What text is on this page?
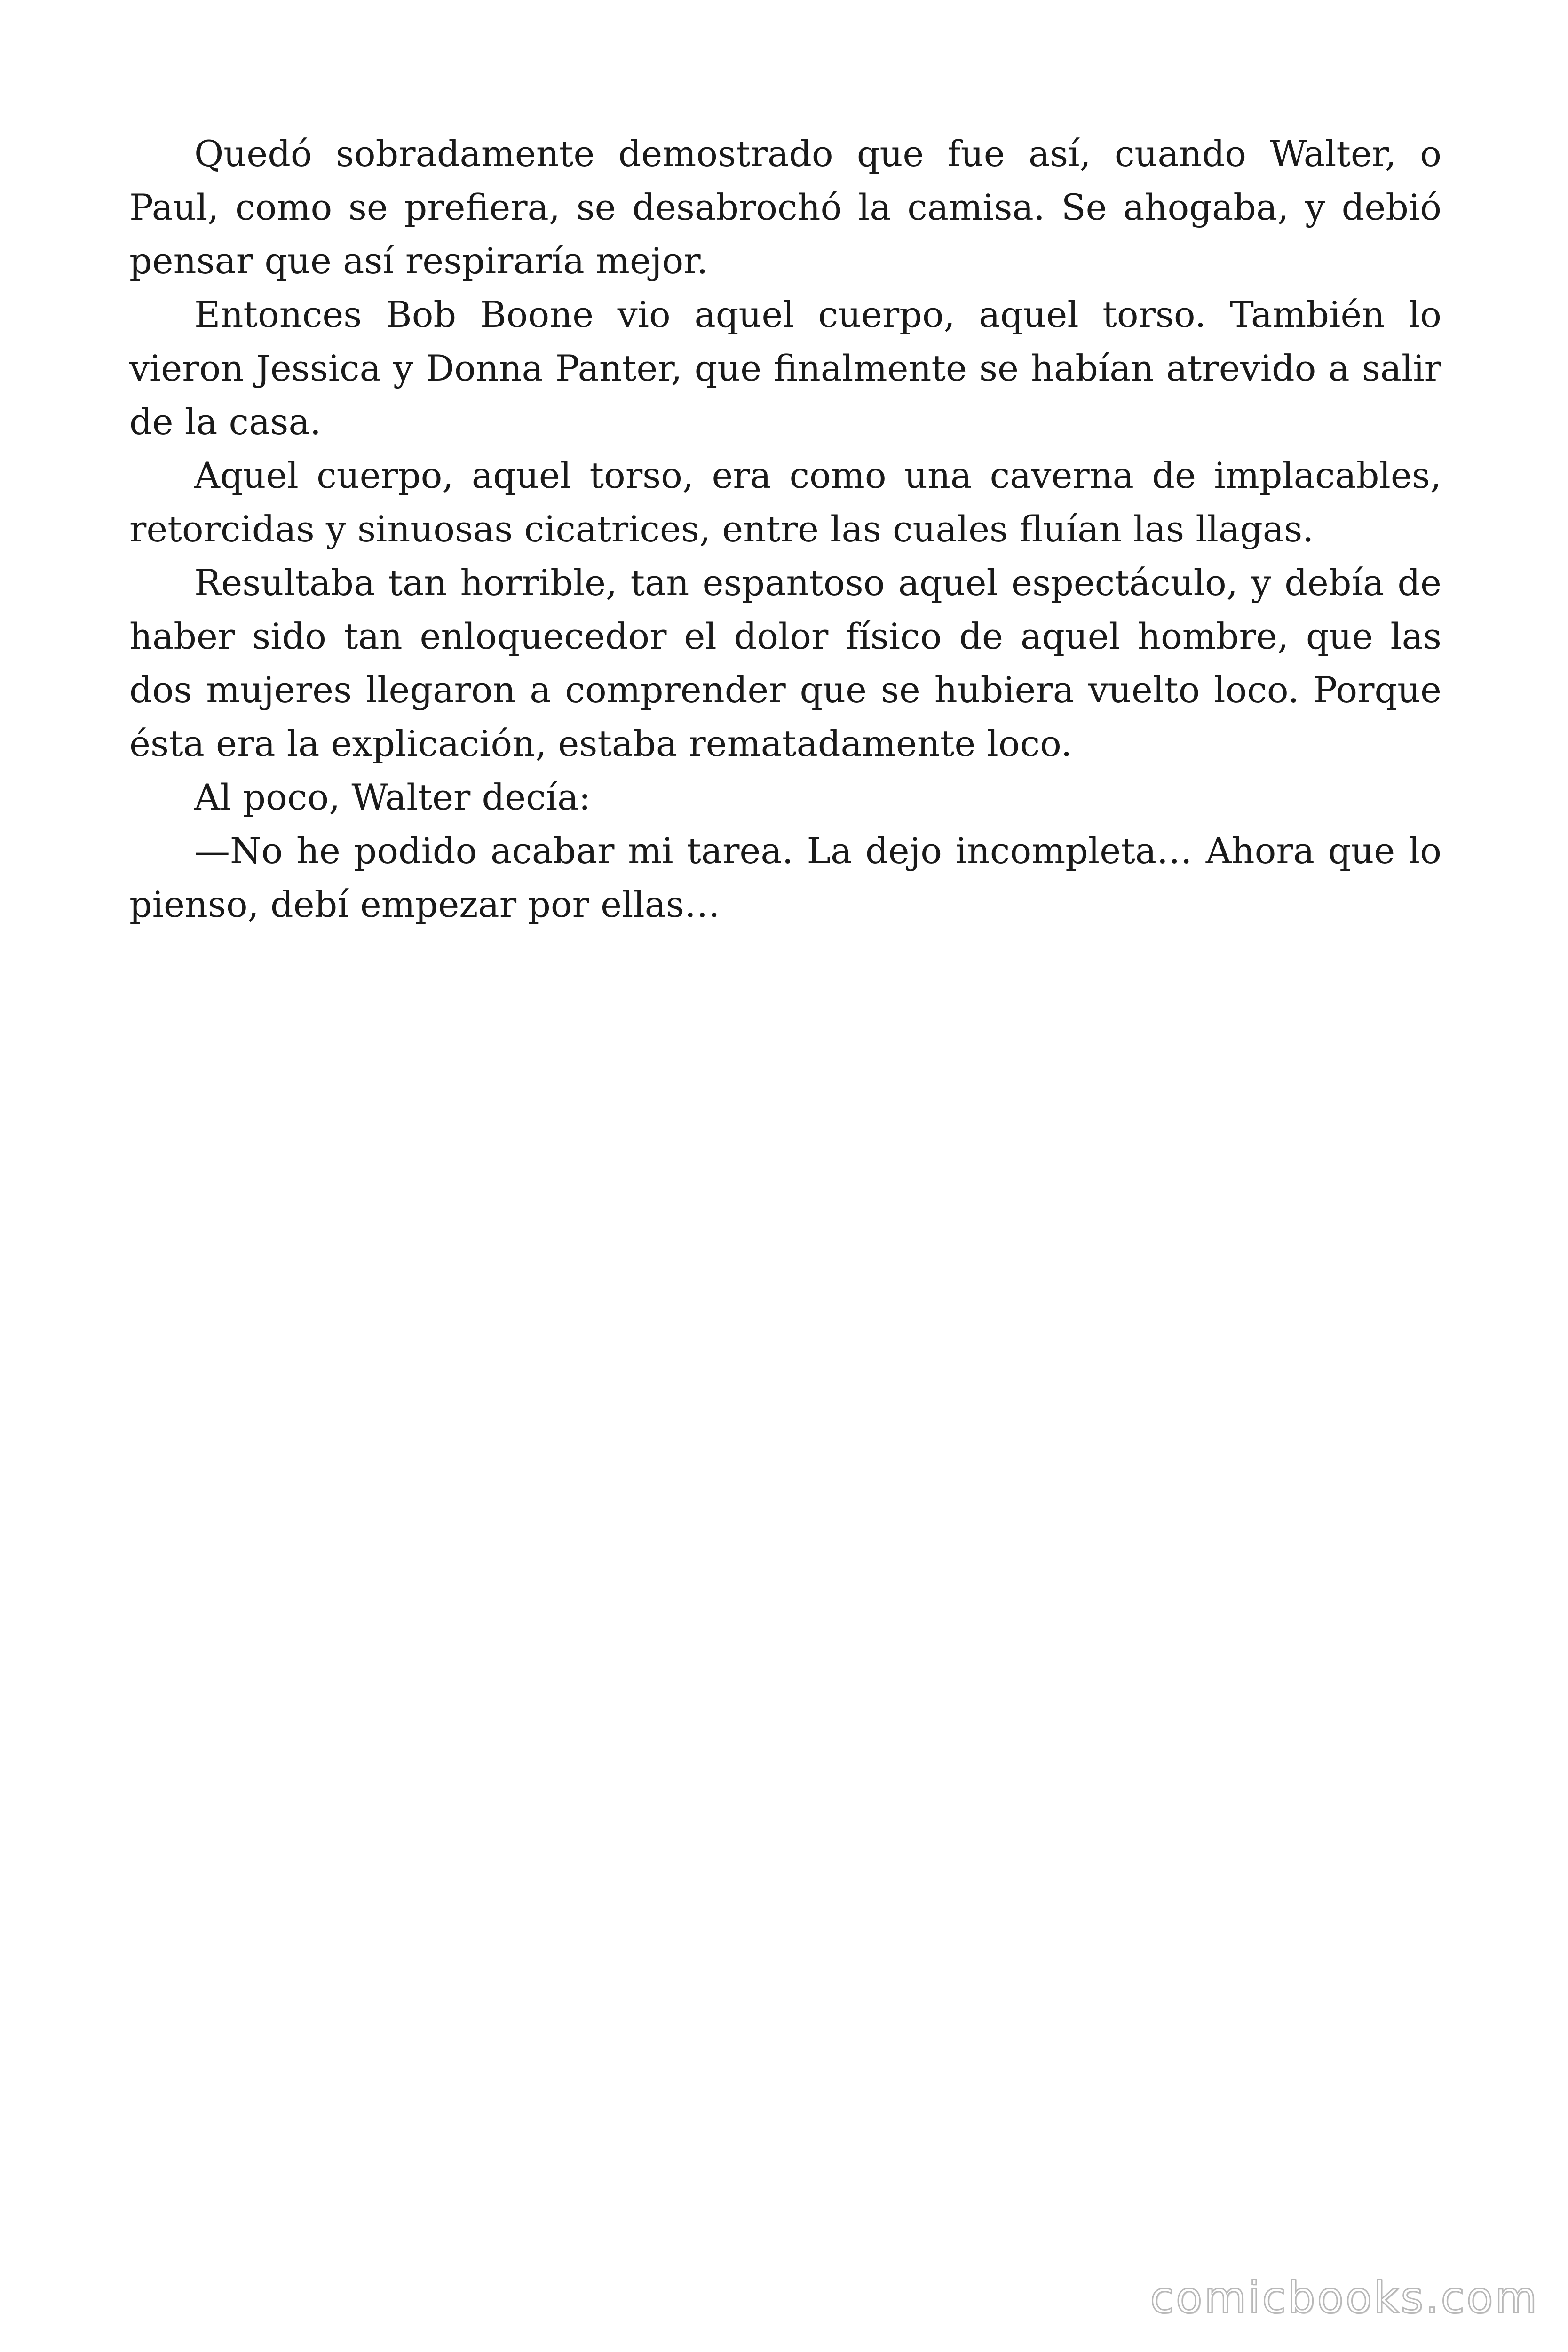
Quedó sobradamente demostrado que fue así, cuando Walter, o Paul, como se prefiera, se desabrochó la camisa. Se ahogaba, y debió pensar que así respiraría mejor.

Entonces Bob Boone vio aquel cuerpo, aquel torso. También lo vieron Jessica y Donna Panter, que finalmente se habían atrevido a salir de la casa.

Aquel cuerpo, aquel torso, era como una caverna de implacables, retorcidas y sinuosas cicatrices, entre las cuales fluían las llagas.

Resultaba tan horrible, tan espantoso aquel espectáculo, y debía de haber sido tan enloquecedor el dolor físico de aquel hombre, que las dos mujeres llegaron a comprender que se hubiera vuelto loco. Porque ésta era la explicación, estaba rematadamente loco.

Al poco, Walter decía:

—No he podido acabar mi tarea. La dejo incompleta… Ahora que lo pienso, debí empezar por ellas…

comicbooks.com
